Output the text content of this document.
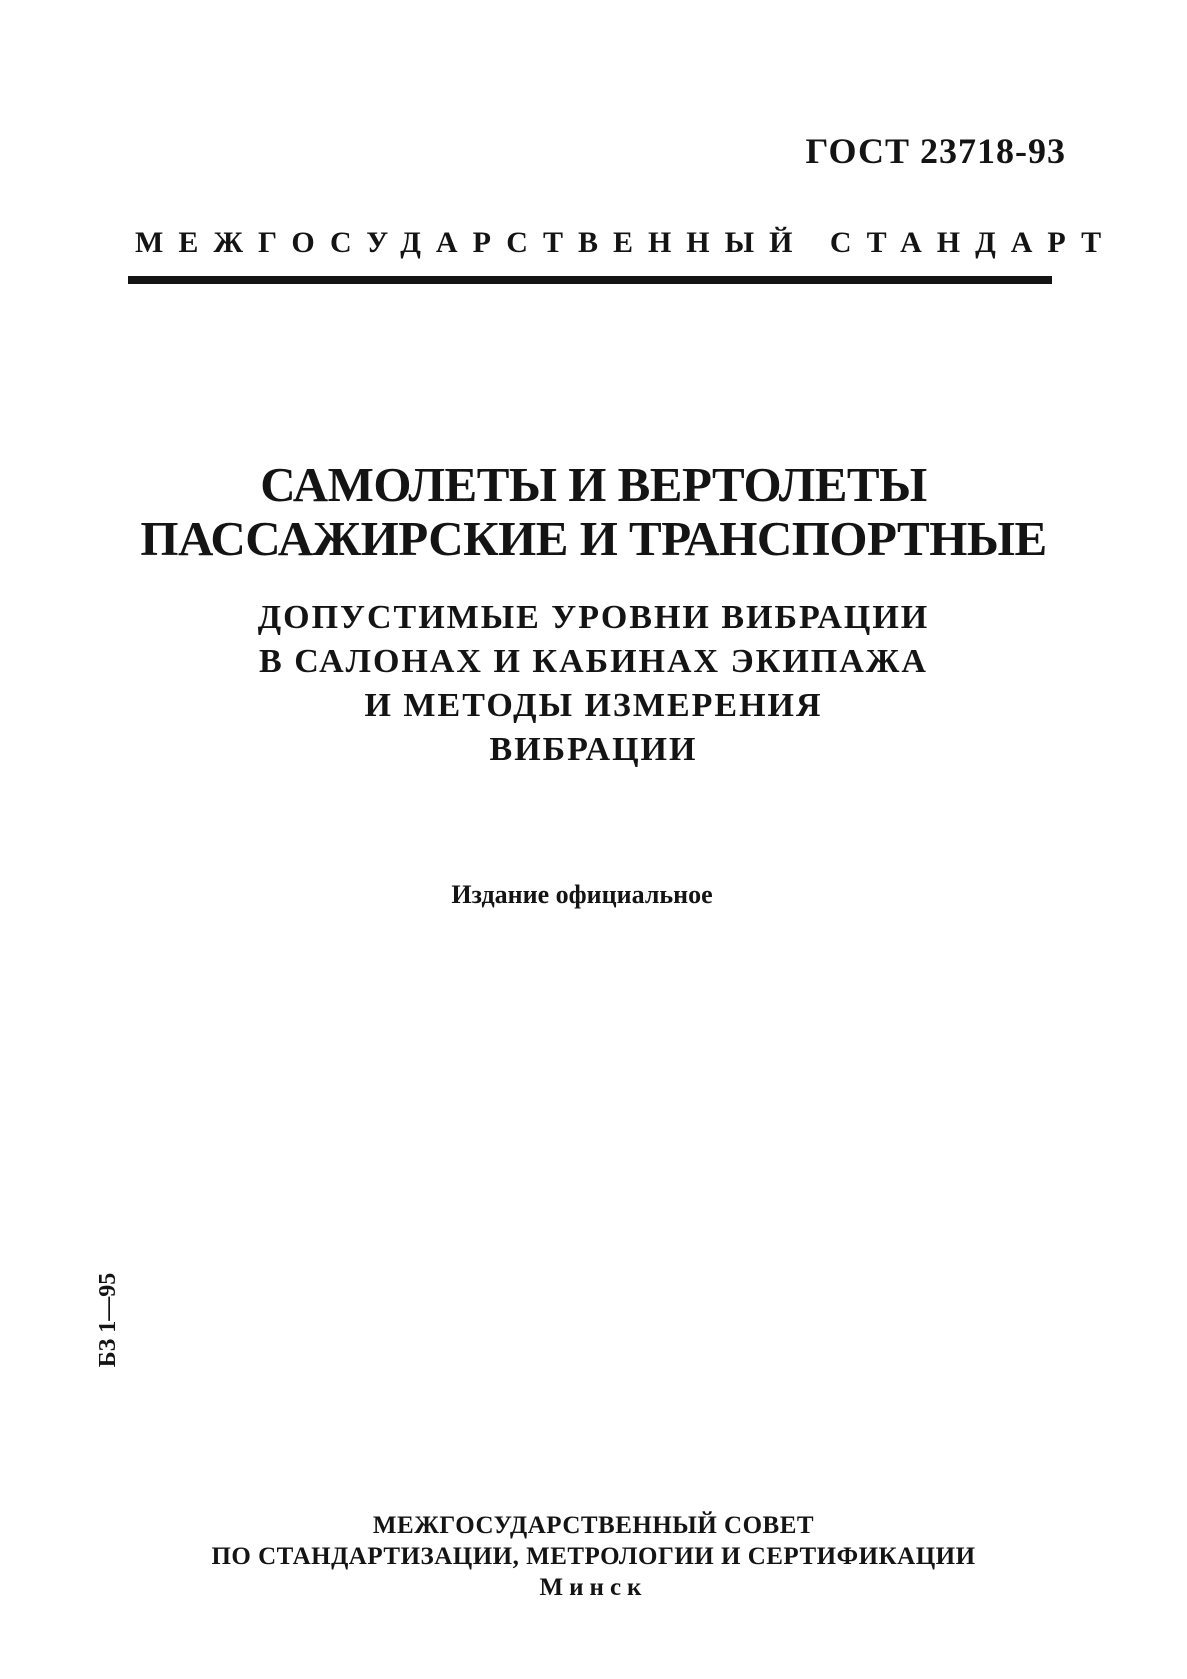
ГОСТ 23718-93
МЕЖГОСУДАРСТВЕННЫЙ СТАНДАРТ
САМОЛЕТЫ И ВЕРТОЛЕТЫ
ПАССАЖИРСКИЕ И ТРАНСПОРТНЫЕ
ДОПУСТИМЫЕ УРОВНИ ВИБРАЦИИ
В САЛОНАХ И КАБИНАХ ЭКИПАЖА
И МЕТОДЫ ИЗМЕРЕНИЯ
ВИБРАЦИИ
Издание официальное
БЗ 1—95
МЕЖГОСУДАРСТВЕННЫЙ СОВЕТ
ПО СТАНДАРТИЗАЦИИ, МЕТРОЛОГИИ И СЕРТИФИКАЦИИ
Минск
